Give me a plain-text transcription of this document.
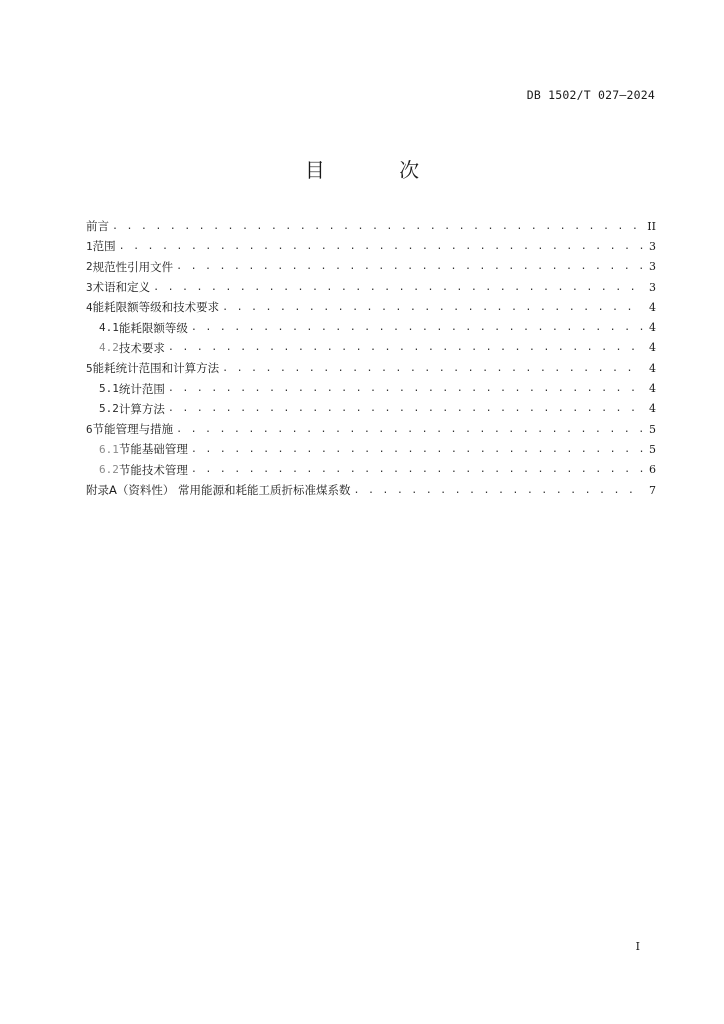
DB 1502/T 027—2024
目 次
前言 . . .	II
1 范围 . . .	3
2 规范性引用文件 . . .	3
3 术语和定义 . . .	3
4 能耗限额等级和技术要求 . . .	4
4.1 能耗限额等级 . . .	4
4.2 技术要求 . . .	4
5 能耗统计范围和计算方法 . . .	4
5.1 统计范围 . . .	4
5.2 计算方法 . . .	4
6 节能管理与措施 . . .	5
6.1 节能基础管理 . . .	5
6.2 节能技术管理 . . .	6
附录A（资料性） 常用能源和耗能工质折标准煤系数 . . .	7
I
